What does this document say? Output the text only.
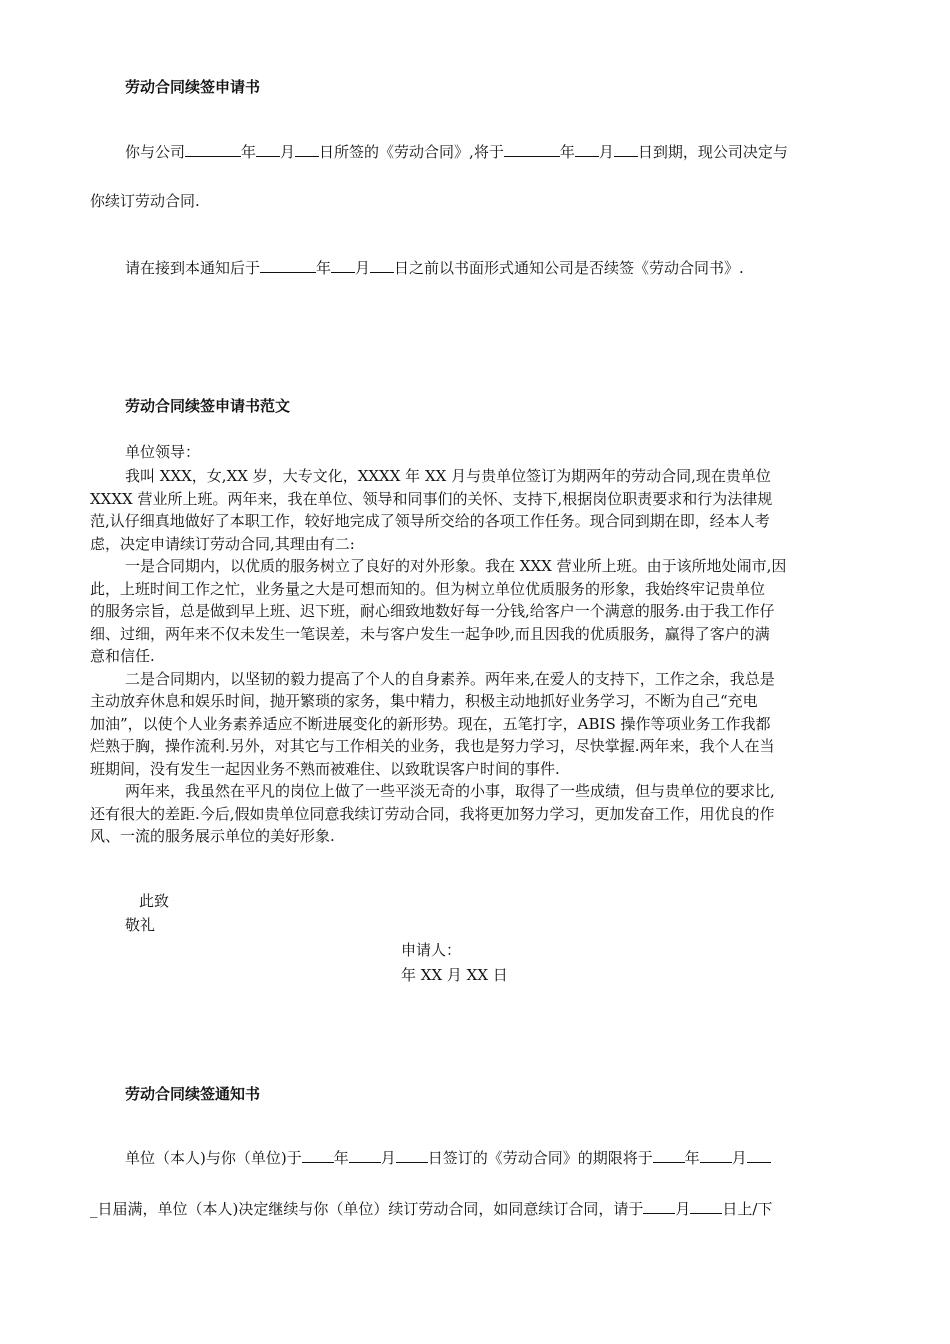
劳动合同续签申请书
你与公司	年 月 日所签的《劳动合同》,将于	年 月 日到期，现公司决定与
你续订劳动合同.
请在接到本通知后于	年 月 日之前以书面形式通知公司是否续签《劳动合同书》.
劳动合同续签申请书范文
单位领导：
我叫 XXX，女,XX 岁，大专文化，XXXX 年 XX 月与贵单位签订为期两年的劳动合同,现在贵单位
XXXX 营业所上班。两年来，我在单位、领导和同事们的关怀、支持下,根据岗位职责要求和行为法律规
范,认仔细真地做好了本职工作，较好地完成了领导所交给的各项工作任务。现合同到期在即，经本人考
虑，决定申请续订劳动合同,其理由有二:
一是合同期内，以优质的服务树立了良好的对外形象。我在 XXX 营业所上班。由于该所地处闹市,因
此，上班时间工作之忙，业务量之大是可想而知的。但为树立单位优质服务的形象，我始终牢记贵单位
的服务宗旨，总是做到早上班、迟下班，耐心细致地数好每一分钱,给客户一个满意的服务.由于我工作仔
细、过细，两年来不仅未发生一笔误差，未与客户发生一起争吵,而且因我的优质服务，赢得了客户的满
意和信任.
二是合同期内，以坚韧的毅力提高了个人的自身素养。两年来,在爱人的支持下，工作之余，我总是
主动放弃休息和娱乐时间，抛开繁琐的家务，集中精力，积极主动地抓好业务学习，不断为自己“充电
加油”，以使个人业务素养适应不断进展变化的新形势。现在，五笔打字，ABIS 操作等项业务工作我都
烂熟于胸，操作流利.另外，对其它与工作相关的业务，我也是努力学习，尽快掌握.两年来，我个人在当
班期间，没有发生一起因业务不熟而被难住、以致耽误客户时间的事件.
两年来，我虽然在平凡的岗位上做了一些平淡无奇的小事，取得了一些成绩，但与贵单位的要求比,
还有很大的差距.今后,假如贵单位同意我续订劳动合同，我将更加努力学习，更加发奋工作，用优良的作
风、一流的服务展示单位的美好形象.
此致
敬礼
申请人：
年 XX 月 XX 日
劳动合同续签通知书
单位（本人)与你（单位)于 年 月 日签订的《劳动合同》的期限将于 年 月
_日届满，单位（本人)决定继续与你（单位）续订劳动合同，如同意续订合同，请于 月 日上/下
